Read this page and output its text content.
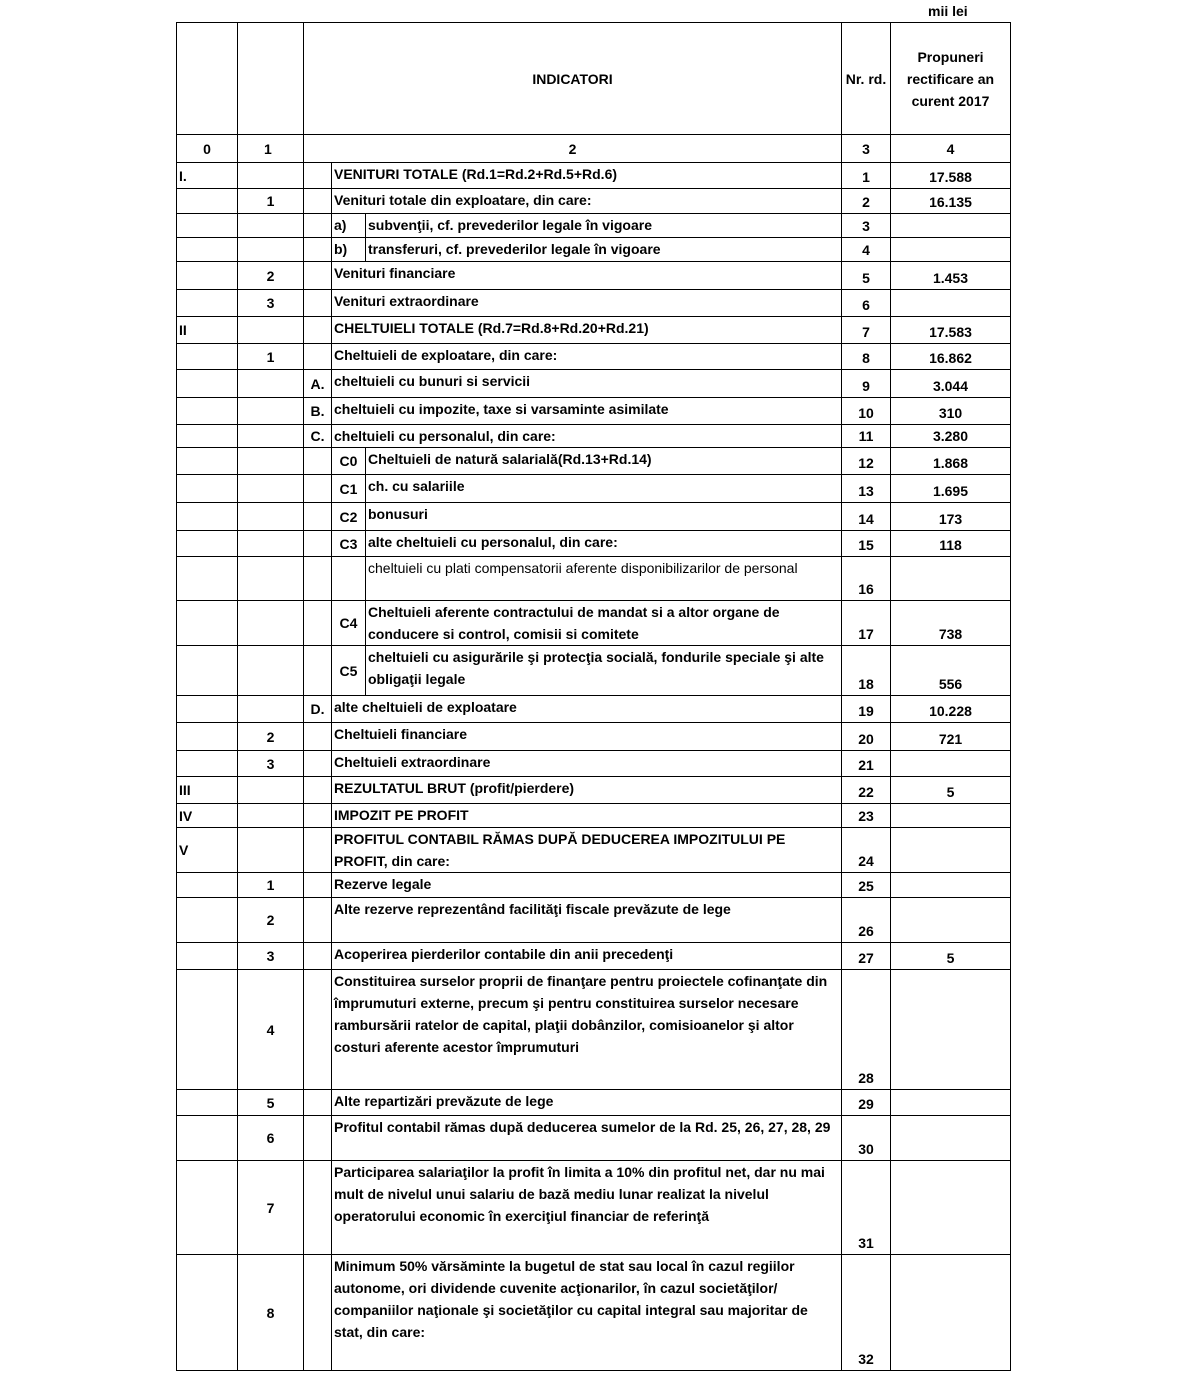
mii lei
		INDICATORI			Nr. rd.	Propuneri rectificare an curent 2017
0	1	2			3	4
I.			VENITURI TOTALE (Rd.1=Rd.2+Rd.5+Rd.6)		1	17.588
	1		Venituri totale din exploatare, din care:		2	16.135
			a)	subvenţii, cf. prevederilor legale în vigoare	3	
			b)	transferuri, cf. prevederilor legale în vigoare	4	
	2		Venituri financiare		5	1.453
	3		Venituri extraordinare		6	
II			CHELTUIELI TOTALE (Rd.7=Rd.8+Rd.20+Rd.21)		7	17.583
	1		Cheltuieli de exploatare, din care:		8	16.862
		A.	cheltuieli cu bunuri si servicii		9	3.044
		B.	cheltuieli cu impozite, taxe si varsaminte asimilate		10	310
		C.	cheltuieli cu personalul, din care:		11	3.280
			C0	Cheltuieli de natură salarială(Rd.13+Rd.14)	12	1.868
			C1	ch. cu salariile	13	1.695
			C2	bonusuri	14	173
			C3	alte cheltuieli cu personalul, din care:	15	118
				cheltuieli cu plati compensatorii aferente disponibilizarilor de personal	16	
			C4	Cheltuieli aferente contractului de mandat si a altor organe de conducere si control, comisii si comitete	17	738
			C5	cheltuieli cu asigurările şi protecţia socială, fondurile speciale şi alte obligaţii legale	18	556
		D.	alte cheltuieli de exploatare		19	10.228
	2		Cheltuieli financiare		20	721
	3		Cheltuieli extraordinare		21	
III			REZULTATUL BRUT (profit/pierdere)		22	5
IV			IMPOZIT PE PROFIT		23	
V			PROFITUL CONTABIL RĂMAS DUPĂ DEDUCEREA IMPOZITULUI PE PROFIT, din care:		24	
	1		Rezerve legale		25	
	2		Alte rezerve reprezentând facilităţi fiscale prevăzute de lege		26	
	3		Acoperirea pierderilor contabile din anii precedenţi		27	5
	4		Constituirea surselor proprii de finanţare pentru proiectele cofinanţate din împrumuturi externe, precum şi pentru constituirea surselor necesare rambursării ratelor de capital, plaţii dobânzilor, comisioanelor şi altor costuri aferente acestor împrumuturi		28	
	5		Alte repartizări prevăzute de lege		29	
	6		Profitul contabil rămas după deducerea sumelor de la Rd. 25, 26, 27, 28, 29		30	
	7		Participarea salariaţilor la profit în limita a 10% din profitul net, dar nu mai mult de nivelul unui salariu de bază mediu lunar realizat la nivelul operatorului economic în exerciţiul financiar de referinţă		31	
	8		Minimum 50% vărsăminte la bugetul de stat sau local în cazul regiilor autonome, ori dividende cuvenite acţionarilor, în cazul societăţilor/ companiilor naţionale şi societăţilor cu capital integral sau majoritar de stat, din care:		32	
